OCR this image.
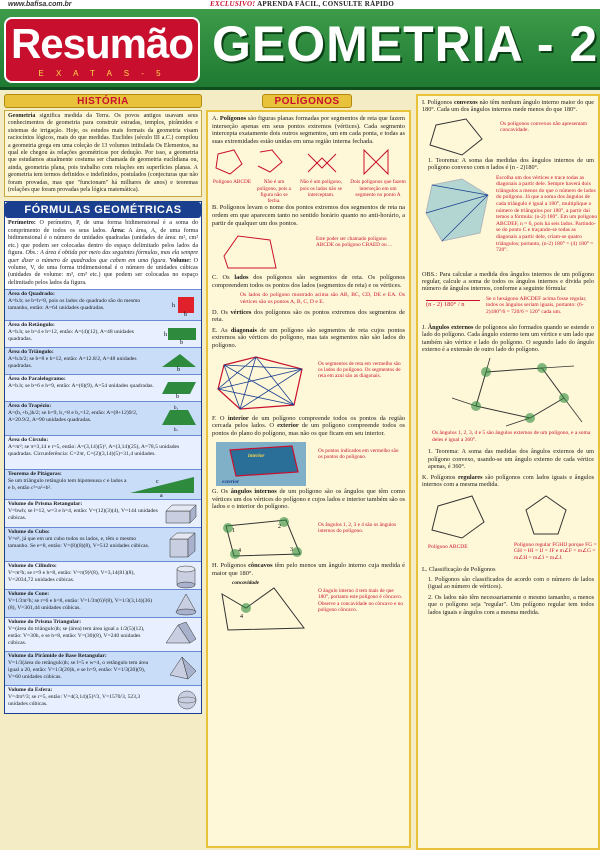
www.bafisa.com.br	EXCLUSIVO! APRENDA FÁCIL, CONSULTE RÁPIDO
Resumão
E X A T A S - 5
GEOMETRIA - 2
HISTÓRIA

Geometria significa medida da Terra. Os povos antigos usavam seus conhecimentos de geometria para construir estradas, templos, pirâmides e sistemas de irrigação. Hoje, os estudos mais formais da geometria visam raciocínios lógicos, mais do que medidas. Euclides (século III a.C.) compilou a geometria grega em uma coleção de 13 volumes intitulada Os Elementos, na qual ele chegou às relações geométricas por dedução. Por isso, a geometria que estudamos atualmente costuma ser chamada de geometria euclidiana ou, ainda, geometria plana, pois trabalho com relações em superfícies planas. A geometria tem termos definidos e indefinidos, postulados (conjecturas que não foram provadas, mas que "funcionam" há milhares de anos) e teoremas (relações que foram provadas pela lógica matemática).

FÓRMULAS GEOMÉTRICAS

Perímetro: O perímetro, P, de uma forma bidimensional é a soma do comprimento de todos os seus lados. Área: A área, A, de uma forma bidimensional é o número de unidades quadradas (unidades de área: m², cm² etc.) que podem ser colocadas dentro do espaço delimitado pelos lados da figura. Obs.: A área é obtida por meio das seguintes fórmulas, mas ela sempre quer dizer o número de quadrados que cabem em uma figura. Volume: O volume, V, de uma forma tridimensional é o número de unidades cúbicas (unidades de volume: m³, cm³ etc.) que podem ser colocadas no espaço delimitado pelos lados da figura.

Área do Quadrado:
A=b.b; se b=h=8, pois os lados do quadrado são do mesmo tamanho, então: A=64 unidades quadradas.	h
b
Área do Retângulo:
A=b.h; se b=4 e h=12, então: A=(4)(12), A=48 unidades quadradas.
h
b
Área do Triângulo:
A=b.h/2; se b=8 e h=12, então: A=12.8/2, A=48 unidades quadradas.
b
Área do Paralelogramo:
A=b.h; se b=6 e h=9, então: A=(6)(9), A=54 unidades quadradas.
b
Área do Trapézio:
A=(b₁+b₂)h/2; se h=9, b₁=8 e b₂=12, então: A=(8+12)9/2, A=20.9/2, A=90 unidades quadradas.
b₁
b₂
Área do Círculo:
A=πr²; se π=3,14 e r=5, então: A=(3,14)(5)², A=(3,14)(25), A=78,5 unidades quadradas. Circunferência: C=2πr, C=(2)(3,14)(5)=31,4 unidades.
Teorema de Pitágoras:
Se um triângulo retângulo tem hipotenusa c e lados a e b, então c²=a²+b².
c
a
Volume do Prisma Retangular:
V=bwh; se l=12, w=3 e h=4, então: V=(12)(3)(4), V=144 unidades cúbicas.
Volume do Cubo:
V=e³, já que em um cubo todos os lados, e, têm o mesmo tamanho. Se e=8, então: V=(8)(8)(8), V=512 unidades cúbicas.
Volume do Cilindro:
V=πr²h; se r=9 e h=8, então: V=π(9)²(8), V=3,14(81)(8), V=2034,72 unidades cúbicas.
Volume do Cone:
V=1/3πr²h; se r=6 e h=8, então: V=1/3π(6)²(8), V=1/3(3,14)(36)(8), V=301,44 unidades cúbicas.
Volume do Prisma Triangular:
V=(área do triângulo)h; se (área) tem área igual a 1/2(5)(12), então: V=30h, e se h=8, então: V=(30)(8), V=240 unidades cúbicas.
Volume da Pirâmide de Base Retangular:
V=1/3(área do retângulo)h; se l=5 e w=4, o retângulo tem área igual a 20, então: V=1/3(20)h, e se h=9, então: V=1/3(20)(9), V=60 unidades cúbicas.
Volume da Esfera:
V=4πr³/3; se r=5, então: V=4(3,14)(5)³/3, V=1570/3, 523,3 unidades cúbicas.
POLÍGONOS

A. Polígonos são figuras planas formadas por segmentos de reta que fazem interseção apenas em seus pontos extremos (vértices). Cada segmento intercepta exatamente dois outros segmentos, um em cada ponta, e todas as suas extremidades estão unidas em uma região interna fechada.

Polígono ABCDE	Não é um polígono, pois a figura não se fecha.
Não é um polígono, pois os lados não se interceptam.
Dois polígonos que fazem interseção em um segmento no ponto A

B. Polígonos levam o nome dos pontos extremos dos segmentos de reta na ordem em que aparecem tanto no sentido horário quanto no anti-horário, a partir de qualquer um dos pontos.

Este poder ser chamado polígono ABCDE ou polígono CBAED ou ...

C. Os lados dos polígonos são segmentos de reta. Os polígonos compreendem todos os pontos dos lados (segmentos de reta) e os vértices.

Os lados do polígono mostrado acima são AB, BC, CD, DE e EA. Os vértices são os pontos A, B, C, D e E.

D. Os vértices dos polígonos são os pontos extremos dos segmentos de reta.

E. As diagonais de um polígono são segmentos de reta cujos pontos extremos são vértices do polígono, mas tais segmentos não são lados do polígono.

Os segmentos de reta em vermelho são os lados do polígono. Os segmentos de reta em azul são as diagonais.

F. O interior de um polígono compreende todos os pontos da região cercada pelos lados. O exterior de um polígono compreende todos os pontos do plano do polígono, mas não os que ficam em seu interior.

interior
exterior
Os pontos indicados em vermelho são os pontos do polígono.

G. Os ângulos internos de um polígono são os ângulos que têm como vértices um dos vértices do polígono e cujos lados e interior também são os lados e o interior do polígono.

1
2
3
4
Os ângulos 1, 2, 3 e 4 são os ângulos internos do polígono.

H. Polígonos côncavos têm pelo menos um ângulo interno cuja medida é maior que 180°.

4
concavidade
O ângulo interno 4 tem mais de que 180°, portanto este polígono é côncavo. Observe a concavidade no côncavo e no polígono côncavo.

I. Polígonos convexos não têm nenhum ângulo interno maior do que 180°. Cada um dos ângulos internos mede menos do que 180°.

Os polígonos convexos não apresentam concavidade.

1. Teorema: A soma das medidas dos ângulos internos de um polígono convexo com n lados é (n - 2)180°.

Escolha um dos vértices e trace todas as diagonais a partir dele. Sempre haverá dois triângulos a menos do que o número de lados do polígono. Já que a soma dos ângulos de cada triângulo é igual a 180°, multiplique o número de triângulos por 180°, a partir daí temos a fórmula: (n-2) 180°. Em um polígono ABCDEF, n = 6, pois há seis lados. Partindo-se do ponto C e traçando-se todas as diagonais a partir dele, criam-se quatro triângulos; portanto, (n-2) 180° = (4) 180° = 720°.

OBS.: Para calcular a medida dos ângulos internos de um polígono regular, calcule a soma de todos os ângulos internos e divida pelo número de ângulos internos, conforme a seguinte fórmula:

(n - 2) 180° / n
Se o hexágono ABCDEF acima fosse regular, todos os ângulos seriam iguais, portanto: (6-2)180°/6 = 720/6 = 120° cada um.

J. Ângulos externos de polígonos são formados quando se estende o lado do polígono. Cada ângulo externo tem um vértice e um lado que também são vértice e lado do polígono. O segundo lado do ângulo externo é a extensão de outro lado do polígono.

Os ângulos 1, 2, 3, 4 e 5 são ângulos externos de um polígono, e a soma deles é igual a 360°.

1. Teorema: A soma das medidas dos ângulos externos de um polígono convexo, usando-se um ângulo externo de cada vértice apenas, é 360°.

K. Polígonos regulares são polígonos com lados iguais e ângulos internos com a mesma medida.

Polígono ABCDE	Polígono regular FGHIJ porque FG = GH = HI = IJ = JF e m∠F = m∠G = m∠H = m∠I = m∠J.

L. Classificação de Polígonos

1. Polígonos são classificados de acordo com o número de lados (igual ao número de vértices).

2. Os lados não têm necessariamente o mesmo tamanho, a menos que o polígono seja "regular". Um polígono regular tem todos lados iguais e ângulos com a mesma medida.
